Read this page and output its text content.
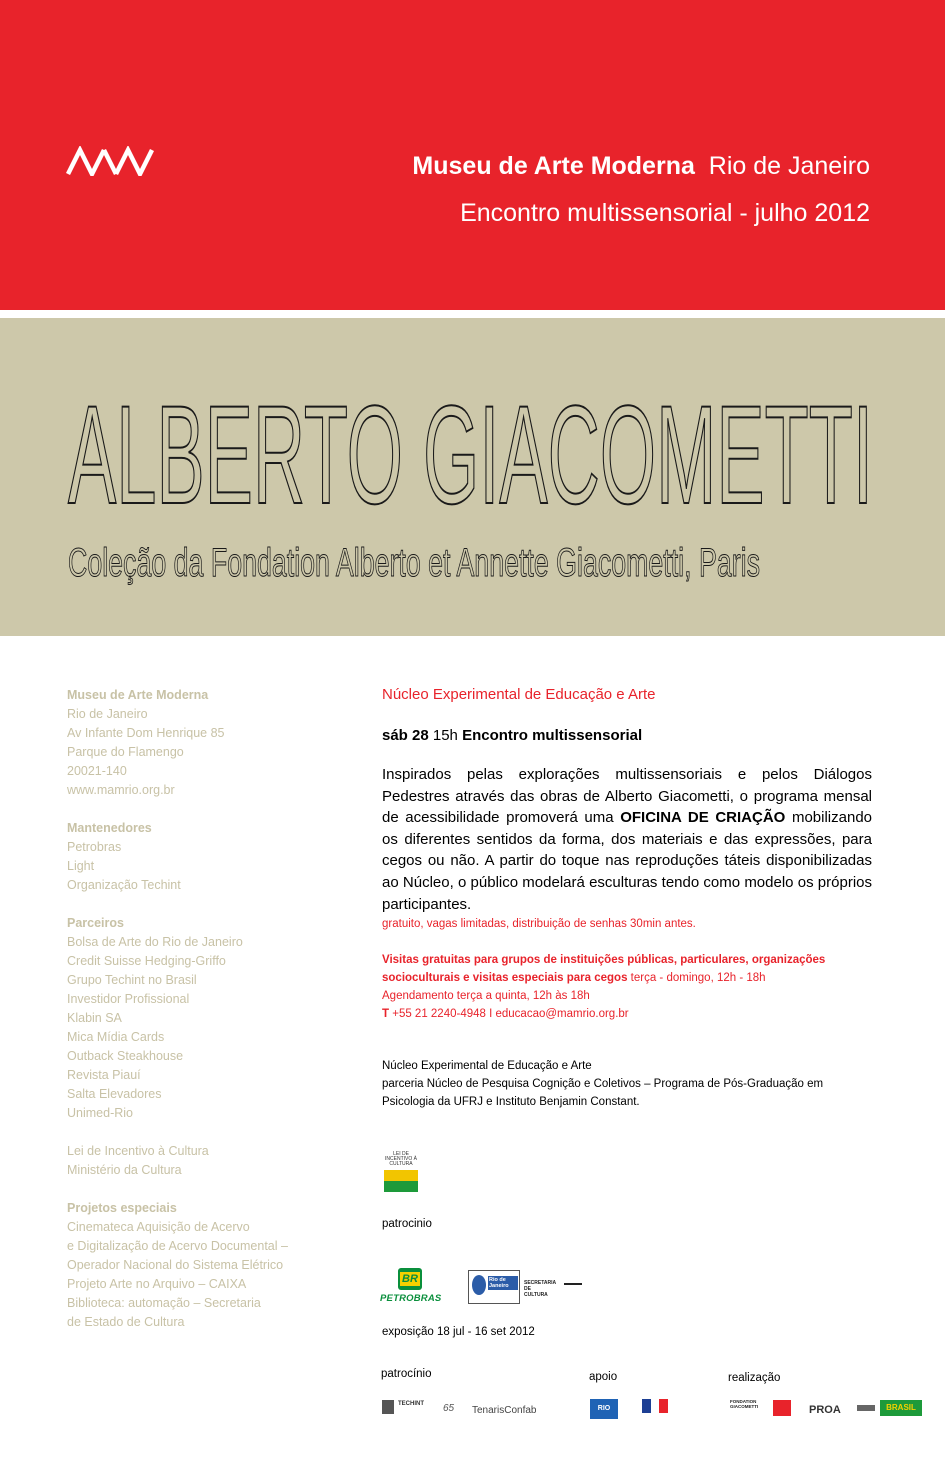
Museu de Arte Moderna Rio de Janeiro
Encontro multissensorial - julho 2012
ALBERTO GIACOMETTI
Coleção da Fondation Alberto et Annette Giacometti, Paris
Museu de Arte Moderna
Rio de Janeiro
Av Infante Dom Henrique 85
Parque do Flamengo
20021-140
www.mamrio.org.br
Mantenedores
Petrobras
Light
Organização Techint
Parceiros
Bolsa de Arte do Rio de Janeiro
Credit Suisse Hedging-Griffo
Grupo Techint no Brasil
Investidor Profissional
Klabin SA
Mica Mídia Cards
Outback Steakhouse
Revista Piauí
Salta Elevadores
Unimed-Rio
Lei de Incentivo à Cultura
Ministério da Cultura
Projetos especiais
Cinemateca Aquisição de Acervo
e Digitalização de Acervo Documental –
Operador Nacional do Sistema Elétrico
Projeto Arte no Arquivo – CAIXA
Biblioteca: automação – Secretaria
de Estado de Cultura
Núcleo Experimental de Educação e Arte
sáb 28 15h Encontro multissensorial
Inspirados pelas explorações multissensoriais e pelos Diálogos Pedestres através das obras de Alberto Giacometti, o programa mensal de acessibilidade promoverá uma OFICINA DE CRIAÇÃO mobilizando os diferentes sentidos da forma, dos materiais e das expressões, para cegos ou não. A partir do toque nas reproduções táteis disponibilizadas ao Núcleo, o público modelará esculturas tendo como modelo os próprios participantes.
gratuito, vagas limitadas, distribuição de senhas 30min antes.
Visitas gratuitas para grupos de instituições públicas, particulares, organizações socioculturais e visitas especiais para cegos terça - domingo, 12h - 18h
Agendamento terça a quinta, 12h às 18h
T +55 21 2240-4948 I educacao@mamrio.org.br
Núcleo Experimental de Educação e Arte
parceria Núcleo de Pesquisa Cognição e Coletivos – Programa de Pós-Graduação em Psicologia da UFRJ e Instituto Benjamin Constant.
LEI DE INCENTIVO À CULTURA
patrocinio
BR
PETROBRAS
Rio de Janeiro	SECRETARIA DE CULTURA
exposição 18 jul - 16 set 2012
patrocínio	apoio	realização
TECHINT 65 TenarisConfab	RIO
FONDATION GIACOMETTI	PROA	BRASIL
